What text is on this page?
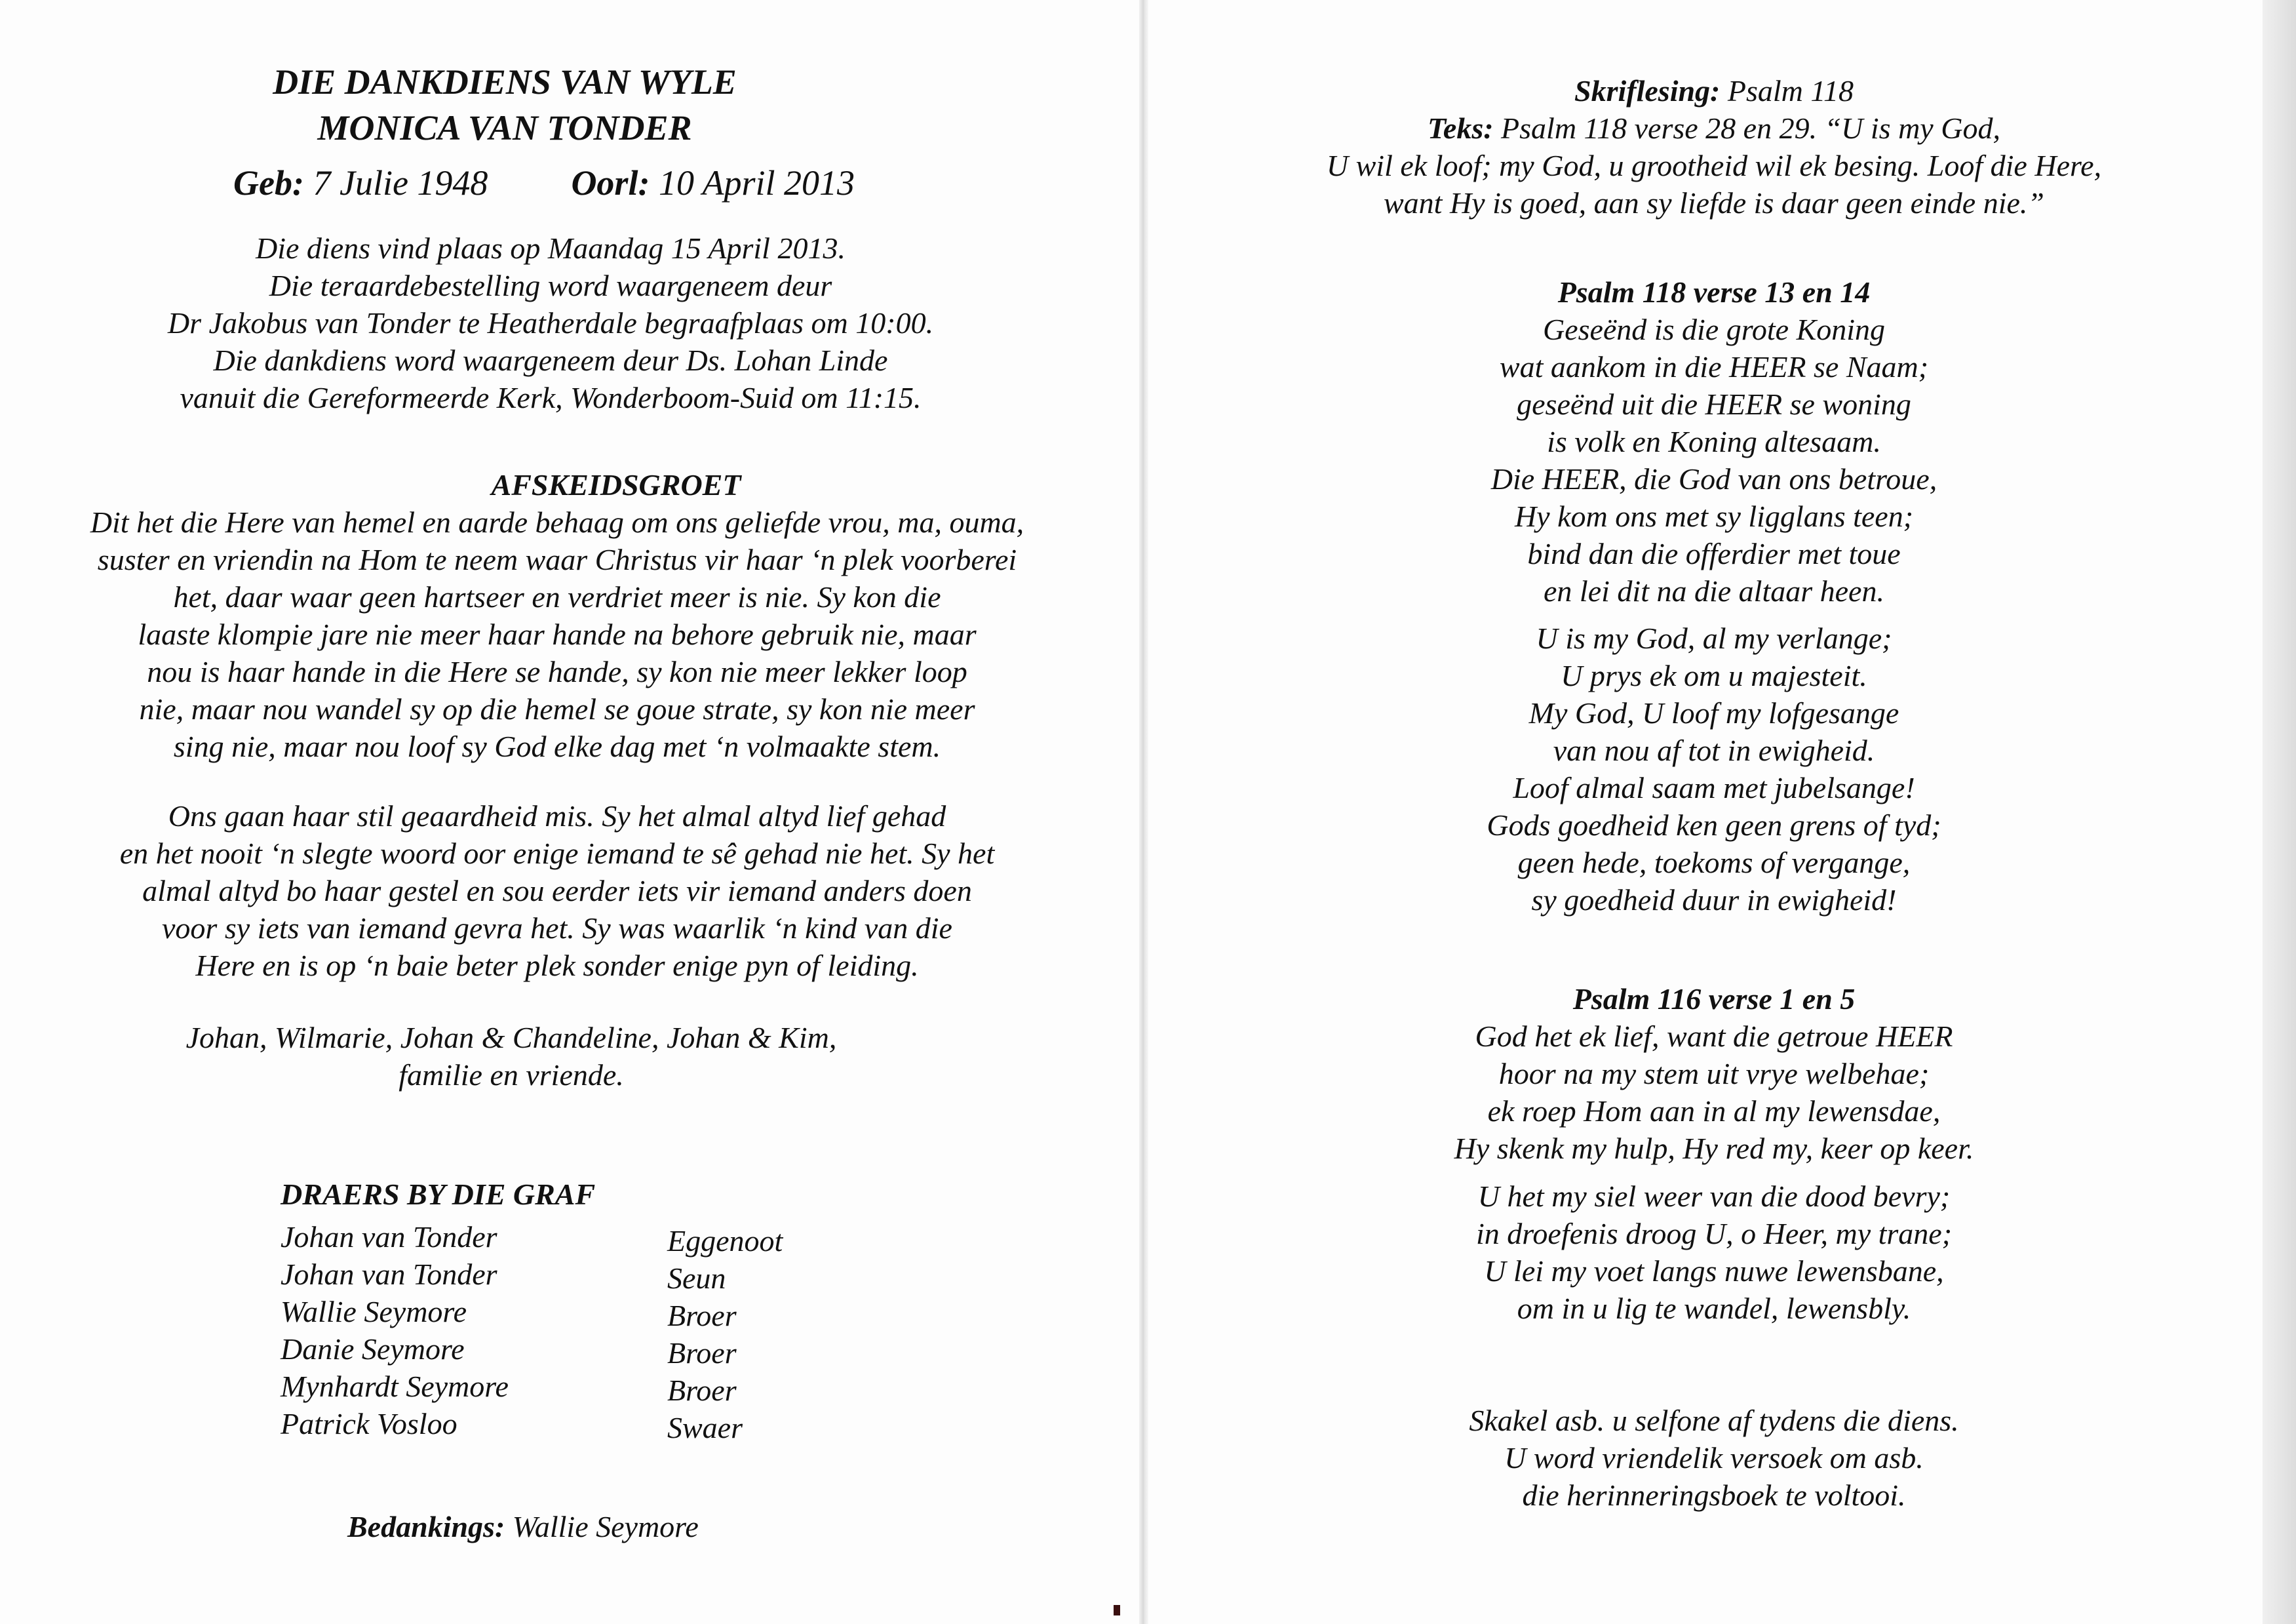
DIE DANKDIENS VAN WYLE
MONICA VAN TONDER
Geb: 7 Julie 1948 Oorl: 10 April 2013
Die diens vind plaas op Maandag 15 April 2013.
Die teraardebestelling word waargeneem deur
Dr Jakobus van Tonder te Heatherdale begraafplaas om 10:00.
Die dankdiens word waargeneem deur Ds. Lohan Linde
vanuit die Gereformeerde Kerk, Wonderboom-Suid om 11:15.
AFSKEIDSGROET
Dit het die Here van hemel en aarde behaag om ons geliefde vrou, ma, ouma,
suster en vriendin na Hom te neem waar Christus vir haar ‘n plek voorberei
het, daar waar geen hartseer en verdriet meer is nie. Sy kon die
laaste klompie jare nie meer haar hande na behore gebruik nie, maar
nou is haar hande in die Here se hande, sy kon nie meer lekker loop
nie, maar nou wandel sy op die hemel se goue strate, sy kon nie meer
sing nie, maar nou loof sy God elke dag met ‘n volmaakte stem.
Ons gaan haar stil geaardheid mis. Sy het almal altyd lief gehad
en het nooit ‘n slegte woord oor enige iemand te sê gehad nie het. Sy het
almal altyd bo haar gestel en sou eerder iets vir iemand anders doen
voor sy iets van iemand gevra het. Sy was waarlik ‘n kind van die
Here en is op ‘n baie beter plek sonder enige pyn of leiding.
Johan, Wilmarie, Johan & Chandeline, Johan & Kim,
familie en vriende.
DRAERS BY DIE GRAF
Johan van Tonder	Eggenoot
Johan van Tonder	Seun
Wallie Seymore	Broer
Danie Seymore	Broer
Mynhardt Seymore	Broer
Patrick Vosloo	Swaer
Bedankings: Wallie Seymore
Skriflesing: Psalm 118
Teks: Psalm 118 verse 28 en 29. “U is my God,
U wil ek loof; my God, u grootheid wil ek besing. Loof die Here,
want Hy is goed, aan sy liefde is daar geen einde nie.”
Psalm 118 verse 13 en 14
Geseënd is die grote Koning
wat aankom in die HEER se Naam;
geseënd uit die HEER se woning
is volk en Koning altesaam.
Die HEER, die God van ons betroue,
Hy kom ons met sy ligglans teen;
bind dan die offerdier met toue
en lei dit na die altaar heen.
U is my God, al my verlange;
U prys ek om u majesteit.
My God, U loof my lofgesange
van nou af tot in ewigheid.
Loof almal saam met jubelsange!
Gods goedheid ken geen grens of tyd;
geen hede, toekoms of vergange,
sy goedheid duur in ewigheid!
Psalm 116 verse 1 en 5
God het ek lief, want die getroue HEER
hoor na my stem uit vrye welbehae;
ek roep Hom aan in al my lewensdae,
Hy skenk my hulp, Hy red my, keer op keer.
U het my siel weer van die dood bevry;
in droefenis droog U, o Heer, my trane;
U lei my voet langs nuwe lewensbane,
om in u lig te wandel, lewensbly.
Skakel asb. u selfone af tydens die diens.
U word vriendelik versoek om asb.
die herinneringsboek te voltooi.
